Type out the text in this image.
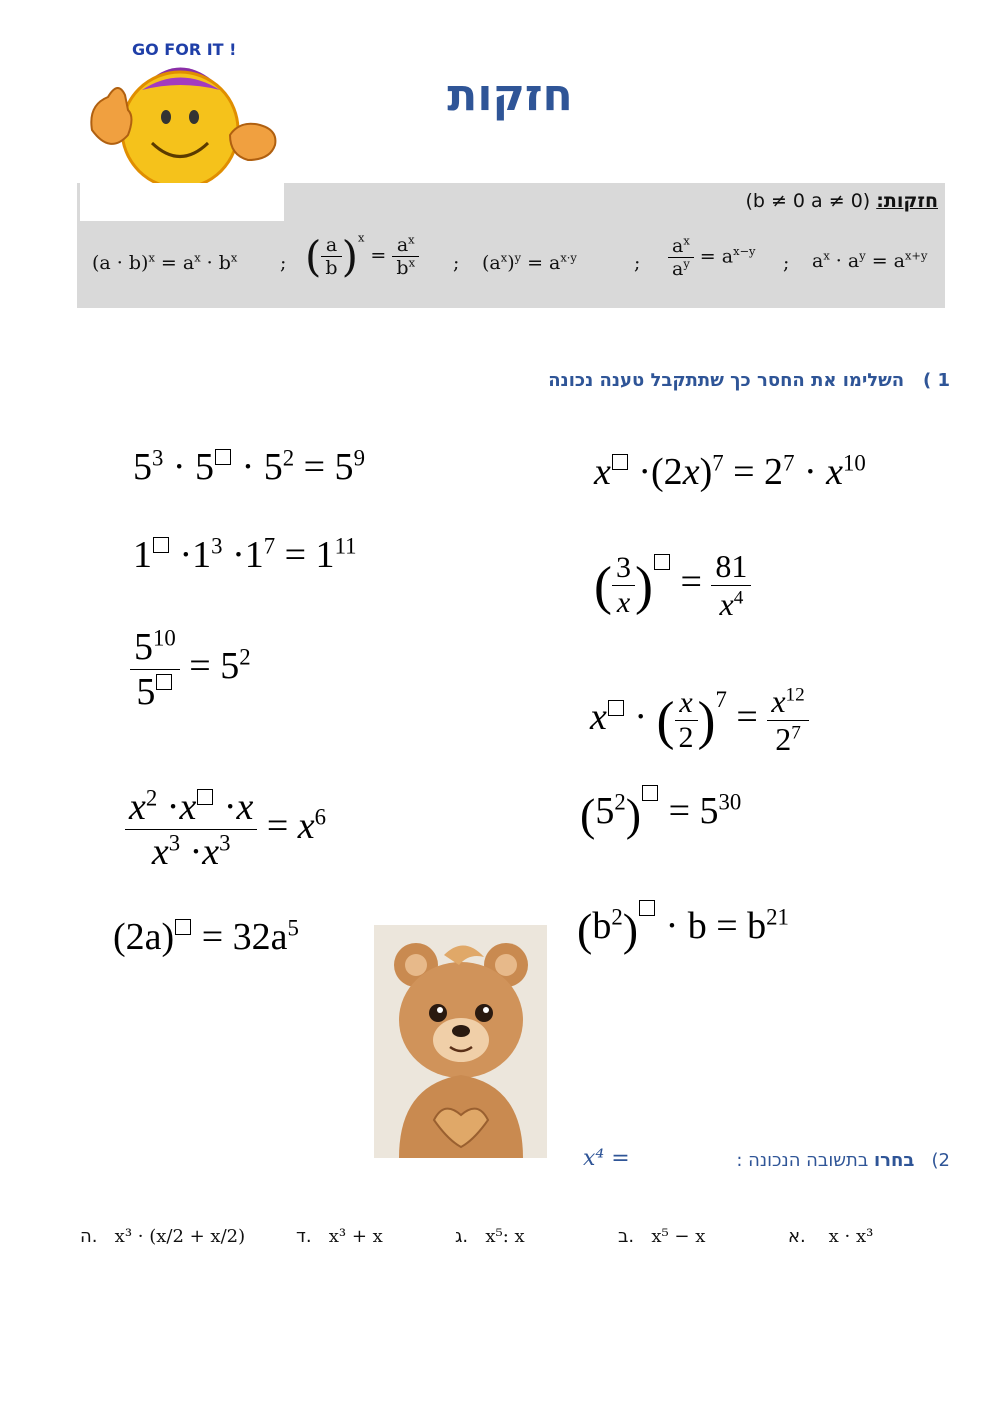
חזקות
GO FOR IT !
חזקות: (b ≠ 0 a ≠ 0)
$(a \cdot b)^x = a^x \cdot b^x$ ; ( $\frac{a}{b} )^x = \frac{a^x}{b^x}$ ; $(a^x)^y = a^{x\cdot y}$	; $\frac{a^x}{a^y} = a^{x-y}$
; $a^x \cdot a^y = a^{x+y}$
1 )   השלימו את החסר כך שתתקבל טענה נכונה
$5^3 \cdot 5 \cdot 5^2 = 5^9$
$1 \cdot 1^3 \cdot 1^7 = 1^{11}$
$\frac{5^{10}}{5} = 5^2$
$\frac{x^2 \cdot x \cdot x}{x^3 \cdot x^3} = x^6$
$(2a) = 32a^5$
$x \cdot(2x)^7 = 2^7 \cdot x^{10}$
( $\frac{3}{x}$ ) = $\frac{81}{x^4}$
x · ( $\frac{x}{2} )^7 = \frac{x^{12}}{2^7}$
$(5^2) = 5^{30}$
$(b^2) \cdot b = b^{21}$
x⁴ =	2)   בחרו בתשובה הנכונה :
א. x · x³
ב. x⁵ − x
ג. x⁵: x
ד. x³ + x
ה. x³ · (x/2 + x/2)
